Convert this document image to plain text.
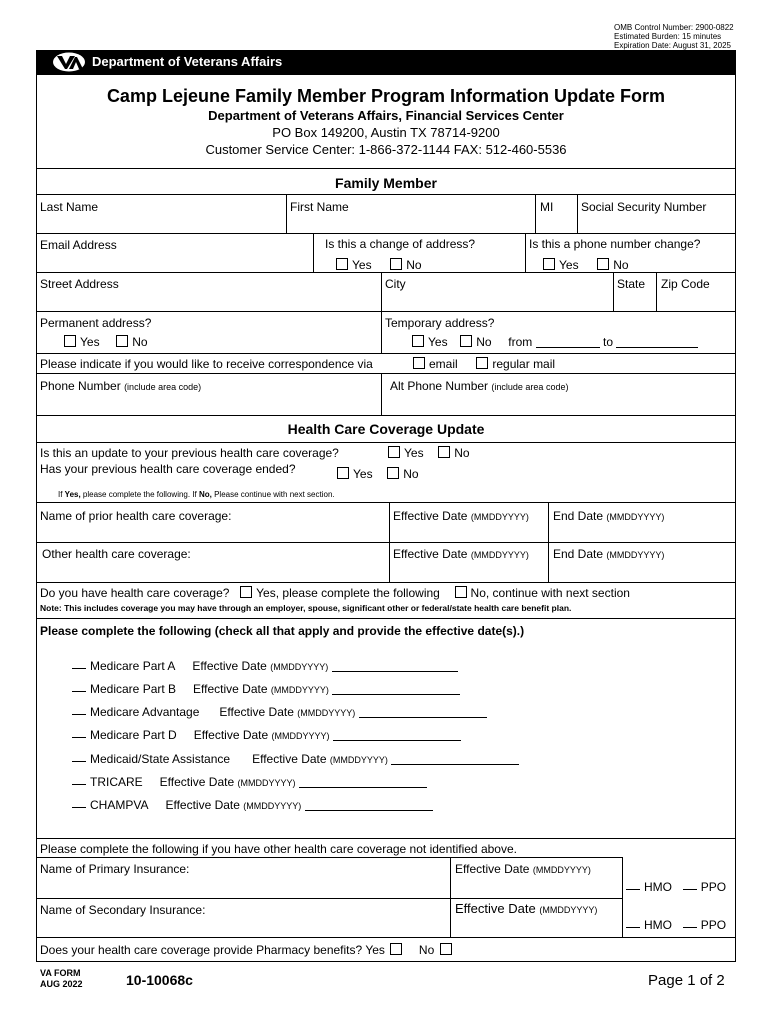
OMB Control Number: 2900-0822
Estimated Burden: 15 minutes
Expiration Date: August 31, 2025
Department of Veterans Affairs
Camp Lejeune Family Member Program Information Update Form
Department of Veterans Affairs, Financial Services Center
PO Box 149200, Austin TX 78714-9200
Customer Service Center: 1-866-372-1144 FAX: 512-460-5536
Family Member
Last Name	First Name	MI Social Security Number
Email Address	Is this a change of address?
Yes	No
Is this a phone number change?
Yes	No
Street Address	City	State Zip Code
Permanent address?
Yes	No
Temporary address?
Yes No from	to
Please indicate if you would like to receive correspondence via	email	regular mail
Phone Number (include area code)	Alt Phone Number (include area code)
Health Care Coverage Update
Is this an update to your previous health care coverage?	Yes	No
Has your previous health care coverage ended?	Yes	No
If Yes, please complete the following. If No, Please continue with next section.
Name of prior health care coverage:	Effective Date (MMDDYYYY) End Date (MMDDYYYY)
Other health care coverage:	Effective Date (MMDDYYYY) End Date (MMDDYYYY)
Do you have health care coverage? Yes, please complete the following	No, continue with next section
Note: This includes coverage you may have through an employer, spouse, significant other or federal/state health care benefit plan.
Please complete the following (check all that apply and provide the effective date(s).)
Medicare Part A Effective Date (MMDDYYYY)
Medicare Part B Effective Date (MMDDYYYY)
Medicare Advantage Effective Date (MMDDYYYY)
Medicare Part D Effective Date (MMDDYYYY)
Medicaid/State Assistance Effective Date (MMDDYYYY)
TRICARE Effective Date (MMDDYYYY)
CHAMPVA Effective Date (MMDDYYYY)
Please complete the following if you have other health care coverage not identified above.
Name of Primary Insurance:	Effective Date (MMDDYYYY)
HMO PPO
Name of Secondary Insurance:	Effective Date (MMDDYYYY)
HMO PPO
Does your health care coverage provide Pharmacy benefits? Yes	No
VA FORM
AUG 2022	10-10068c	Page 1 of 2
